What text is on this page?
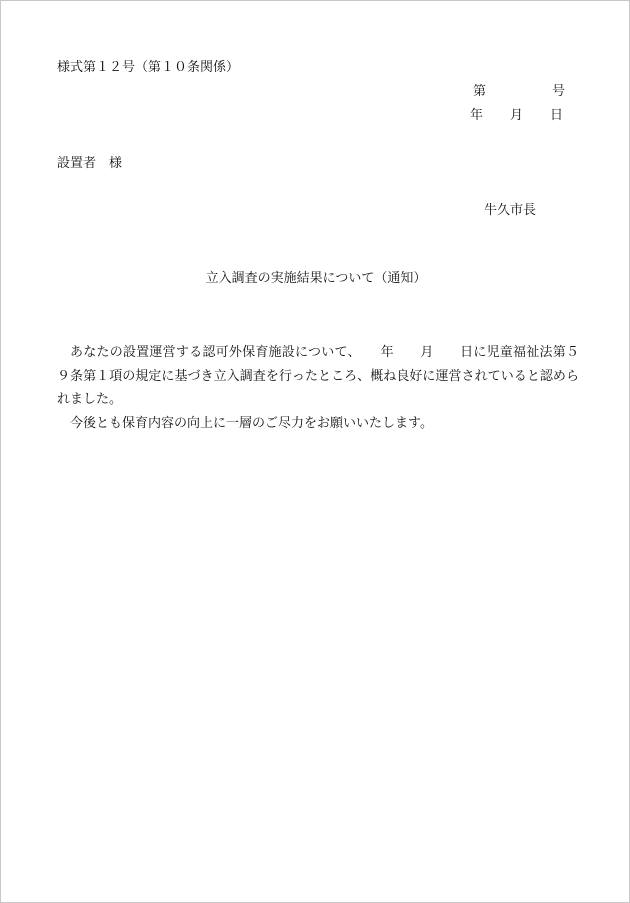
様式第１２号（第１０条関係）
第	号
年 月 日
設置者　様
牛久市長
立入調査の実施結果について（通知）

あなたの設置運営する認可外保育施設について、　　年　　月　　日に児童福祉法第５９条第１項の規定に基づき立入調査を行ったところ、概ね良好に運営されていると認められました。

今後とも保育内容の向上に一層のご尽力をお願いいたします。
